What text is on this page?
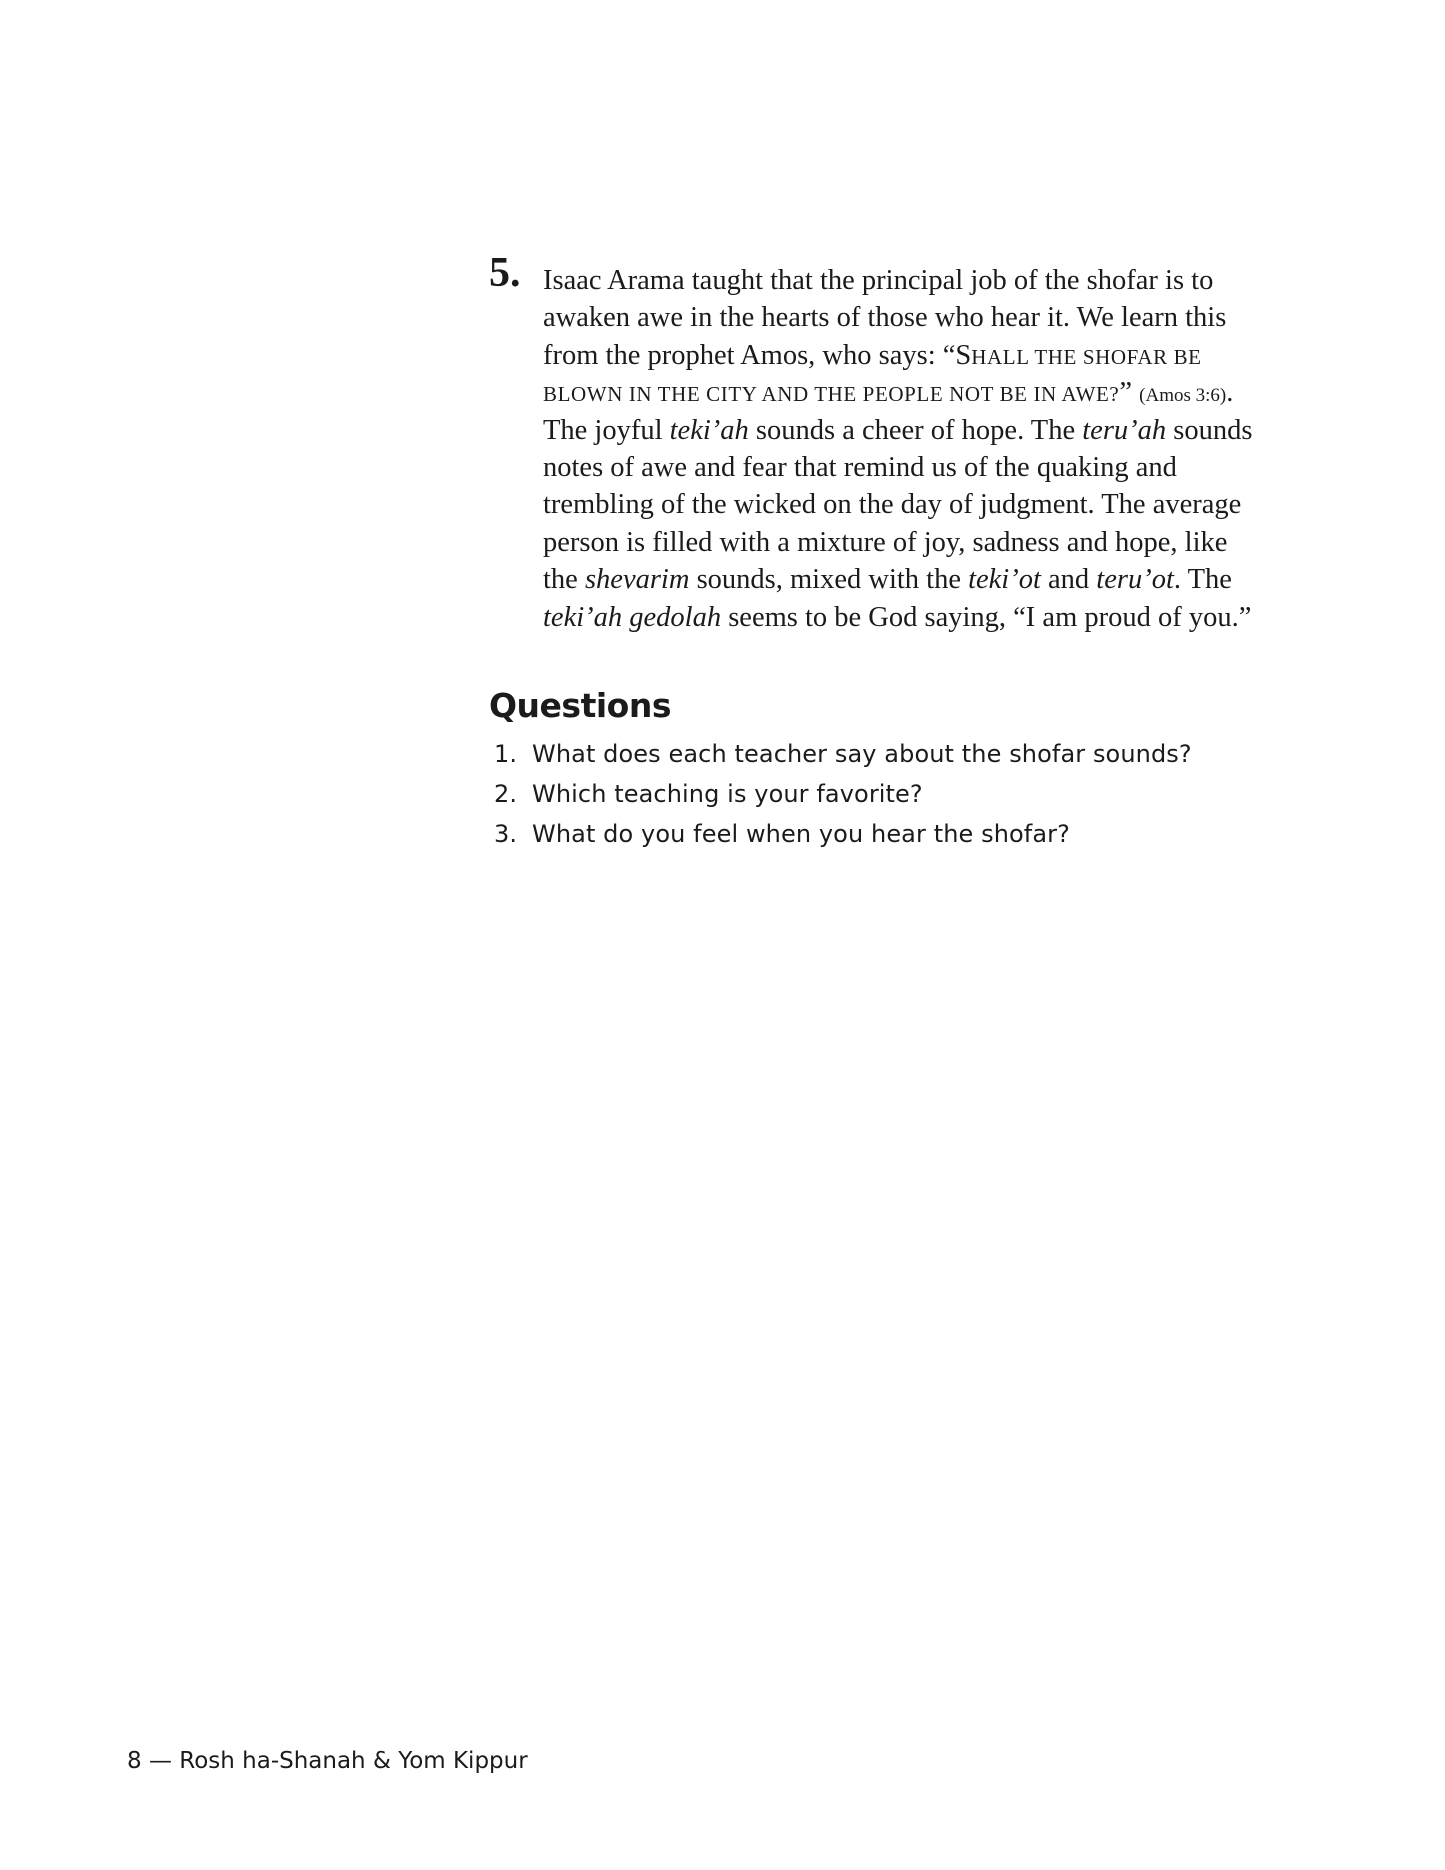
5. Isaac Arama taught that the principal job of the shofar is to
awaken awe in the hearts of those who hear it. We learn this
from the prophet Amos, who says: “SHALL THE SHOFAR BE
BLOWN IN THE CITY AND THE PEOPLE NOT BE IN AWE?” (Amos 3:6).
The joyful teki’ah sounds a cheer of hope. The teru’ah sounds
notes of awe and fear that remind us of the quaking and
trembling of the wicked on the day of judgment. The average
person is filled with a mixture of joy, sadness and hope, like
the shevarim sounds, mixed with the teki’ot and teru’ot. The
teki’ah gedolah seems to be God saying, “I am proud of you.”
Questions
1. What does each teacher say about the shofar sounds?
2. Which teaching is your favorite?
3. What do you feel when you hear the shofar?
8 — Rosh ha-Shanah & Yom Kippur
